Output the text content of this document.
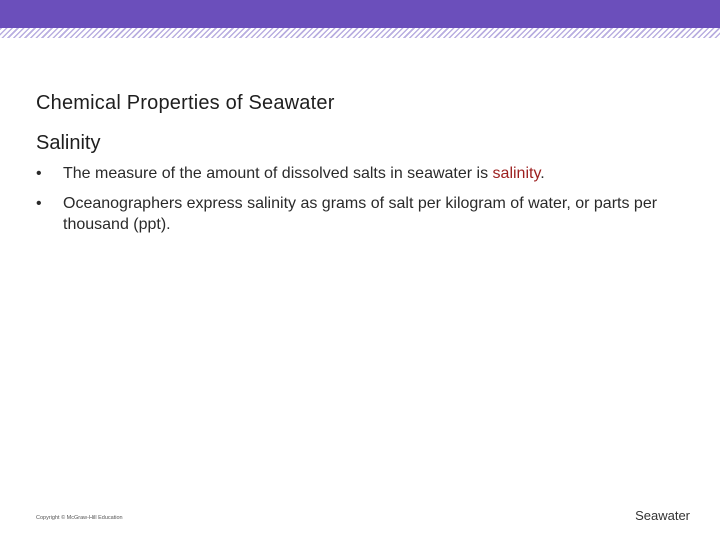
Chemical Properties of Seawater
Salinity
•	The measure of the amount of dissolved salts in seawater is salinity.
•	Oceanographers express salinity as grams of salt per kilogram of water, or parts per thousand (ppt).
Copyright © McGraw-Hill Education	Seawater
